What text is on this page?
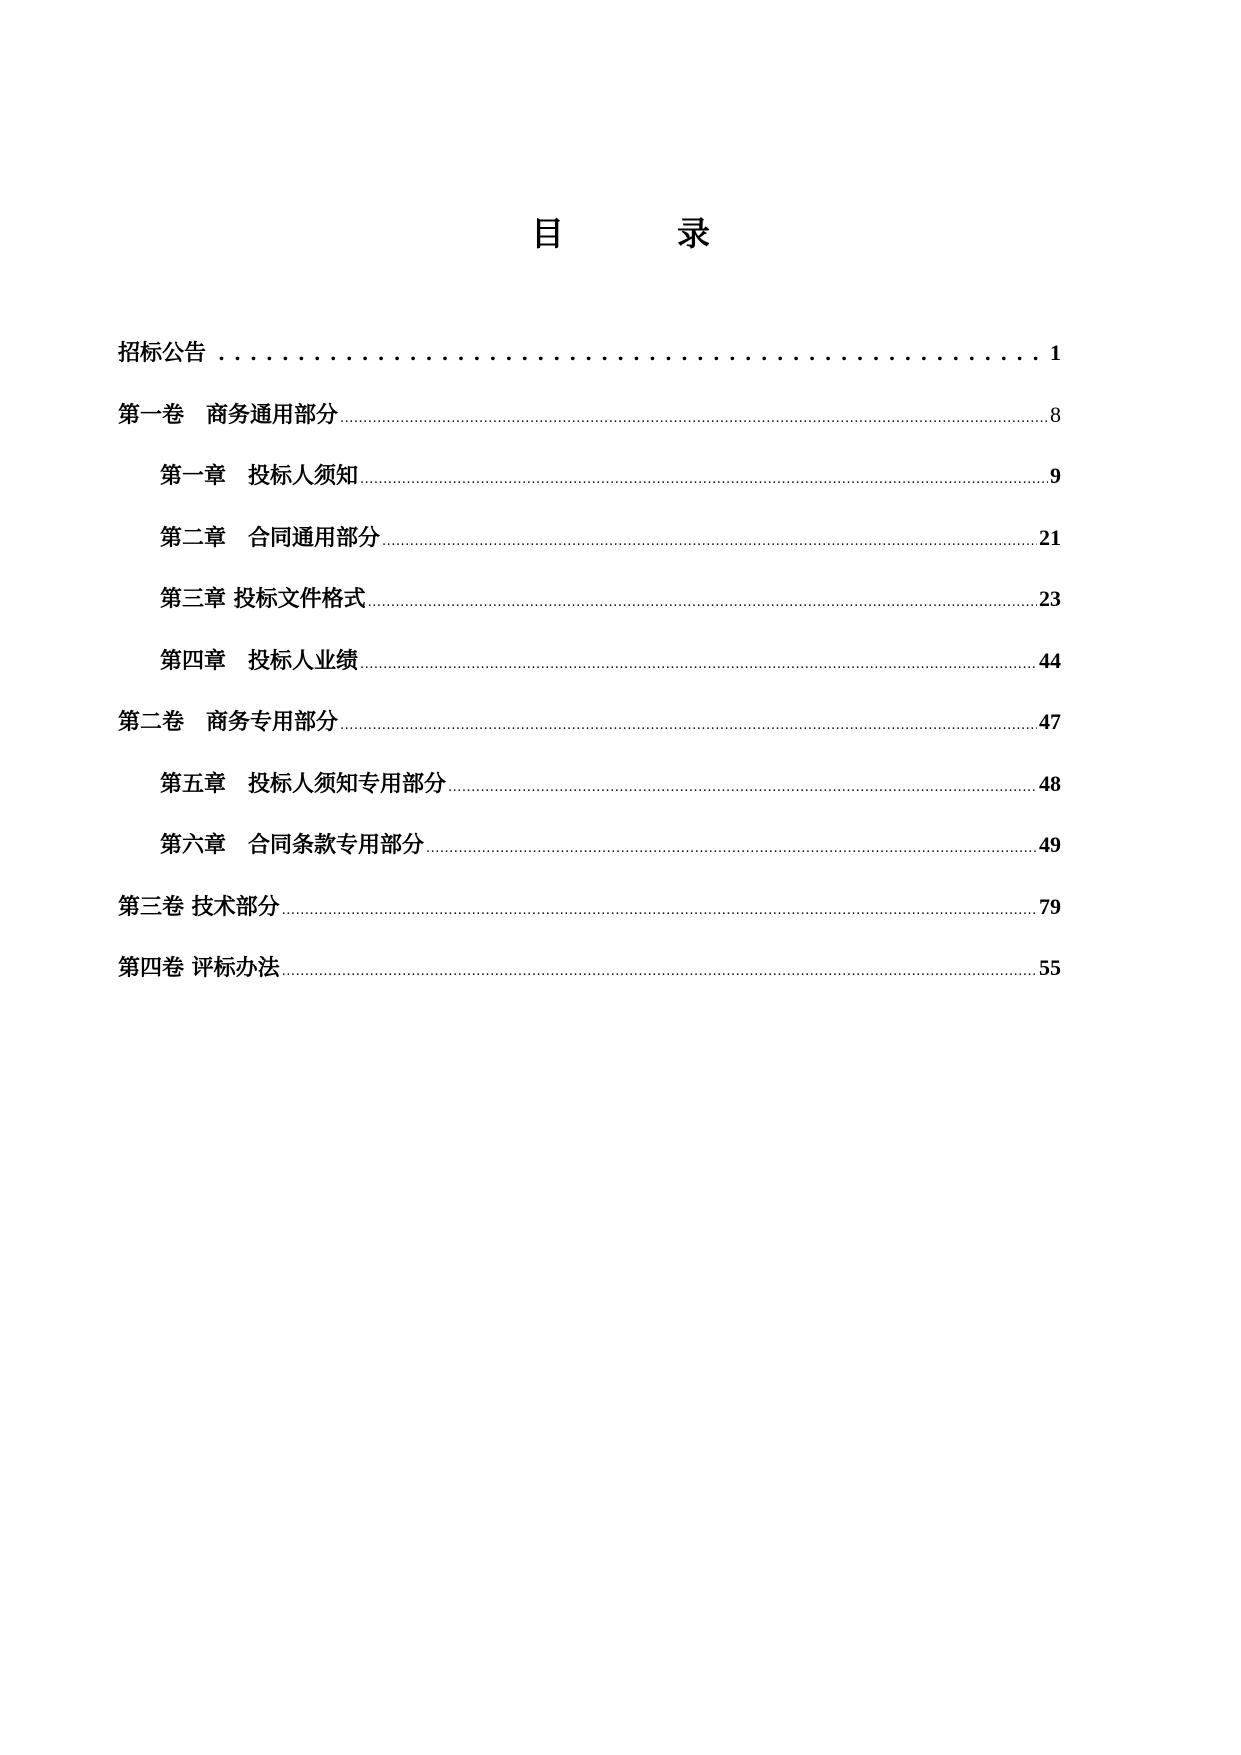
目　录
招标公告 .....	1
第一卷　商务通用部分 .....	8
第一章　投标人须知 .....	9
第二章　合同通用部分 .....	21
第三章 投标文件格式 .....	23
第四章　投标人业绩 .....	44
第二卷　商务专用部分 .....	47
第五章　投标人须知专用部分 .....	48
第六章　合同条款专用部分 .....	49
第三卷 技术部分 .....	79
第四卷 评标办法 .....	55
